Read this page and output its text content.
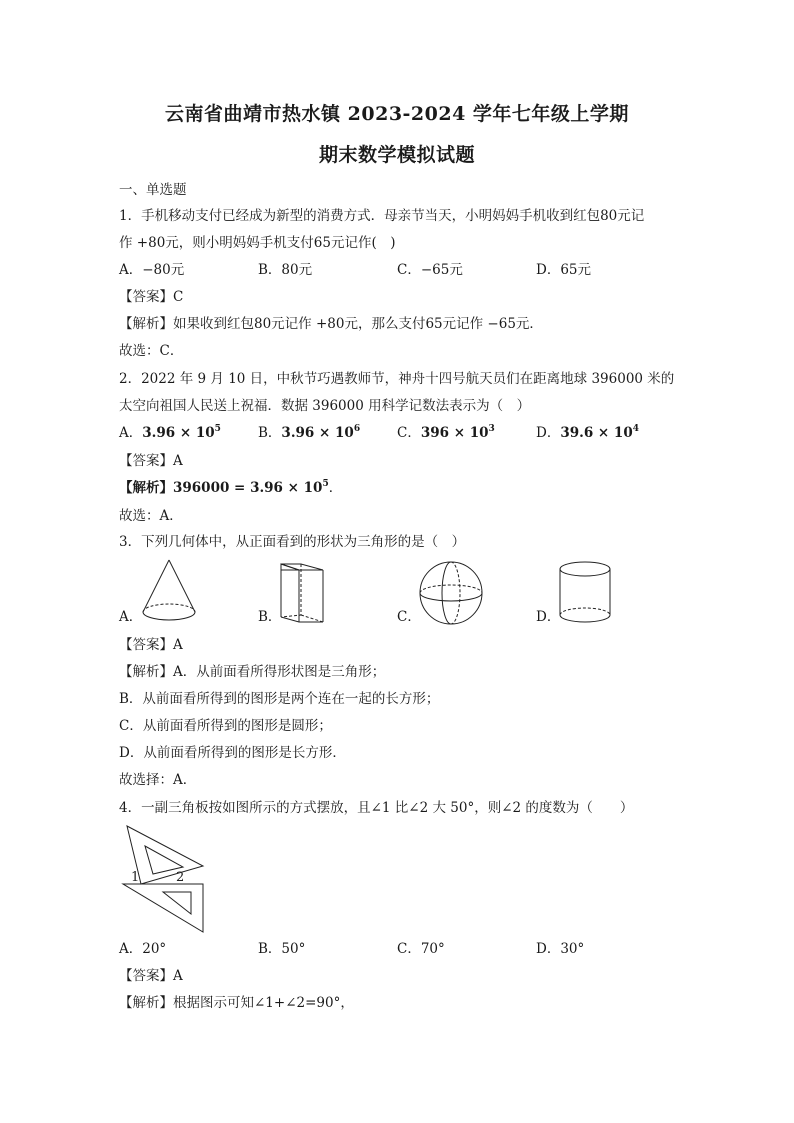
云南省曲靖市热水镇 2023-2024 学年七年级上学期
期末数学模拟试题
一、单选题
1．手机移动支付已经成为新型的消费方式．母亲节当天，小明妈妈手机收到红包80元记
作 +80元，则小明妈妈手机支付65元记作(　)
A．−80元	B．80元	C．−65元	D．65元
【答案】C
【解析】如果收到红包80元记作 +80元，那么支付65元记作 −65元．
故选：C．
2．2022 年 9 月 10 日，中秋节巧遇教师节，神舟十四号航天员们在距离地球 396000 米的
太空向祖国人民送上祝福．数据 396000 用科学记数法表示为（　）
A．$3.96 \times 10^5$	B．$3.96 \times 10^6$	C．$396 \times 10^3$	D．$39.6 \times 10^4$
【答案】A
【解析】$396000 = 3.96 \times 10^5$．
故选：A．
3．下列几何体中，从正面看到的形状为三角形的是（　）
A．	B．	C．	D．
【答案】A
【解析】A．从前面看所得形状图是三角形；
B．从前面看所得到的图形是两个连在一起的长方形；
C．从前面看所得到的图形是圆形；
D．从前面看所得到的图形是长方形．
故选择：A．
4．一副三角板按如图所示的方式摆放，且∠1 比∠2 大 50°，则∠2 的度数为（　　）
1	2
A．20°	B．50°	C．70°	D．30°
【答案】A
【解析】根据图示可知∠1+∠2=90°，
